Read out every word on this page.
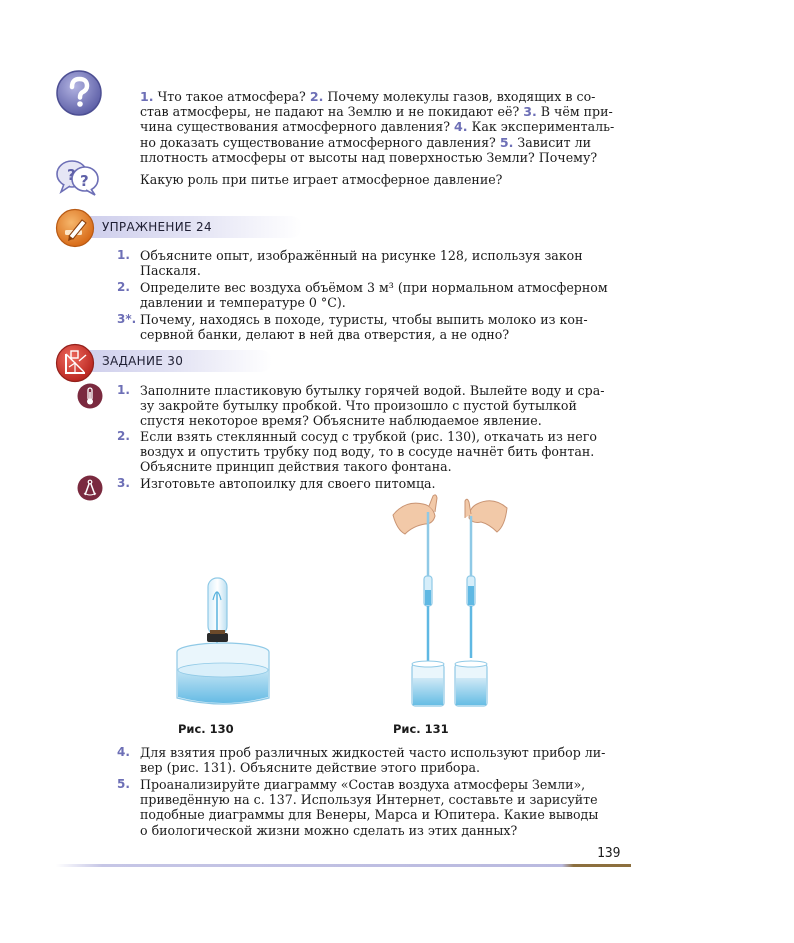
1. Что такое атмосфера? 2. Почему молекулы газов, входящих в со-

став атмосферы, не падают на Землю и не покидают её? 3. В чём при-

чина существования атмосферного давления? 4. Как эксперименталь-

но доказать существование атмосферного давления? 5. Зависит ли

плотность атмосферы от высоты над поверхностью Земли? Почему?

? ?	Какую роль при питье играет атмосферное давление?

УПРАЖНЕНИЕ 24
1. Объясните опыт, изображённый на рисунке 128, используя закон
Паскаля.
2. Определите вес воздуха объёмом 3 м³ (при нормальном атмосферном
давлении и температуре 0 °С).
3*. Почему, находясь в походе, туристы, чтобы выпить молоко из кон-
сервной банки, делают в ней два отверстия, а не одно?
ЗАДАНИЕ 30
1. Заполните пластиковую бутылку горячей водой. Вылейте воду и сра-
зу закройте бутылку пробкой. Что произошло с пустой бутылкой
спустя некоторое время? Объясните наблюдаемое явление.
2. Если взять стеклянный сосуд с трубкой (рис. 130), откачать из него
воздух и опустить трубку под воду, то в сосуде начнёт бить фонтан.
Объясните принцип действия такого фонтана.
3. Изготовьте автопоилку для своего питомца.
Рис. 130	Рис. 131
4. Для взятия проб различных жидкостей часто используют прибор ли-
вер (рис. 131). Объясните действие этого прибора.
5. Проанализируйте диаграмму «Состав воздуха атмосферы Земли»,
приведённую на с. 137. Используя Интернет, составьте и зарисуйте
подобные диаграммы для Венеры, Марса и Юпитера. Какие выводы
о биологической жизни можно сделать из этих данных?
139
